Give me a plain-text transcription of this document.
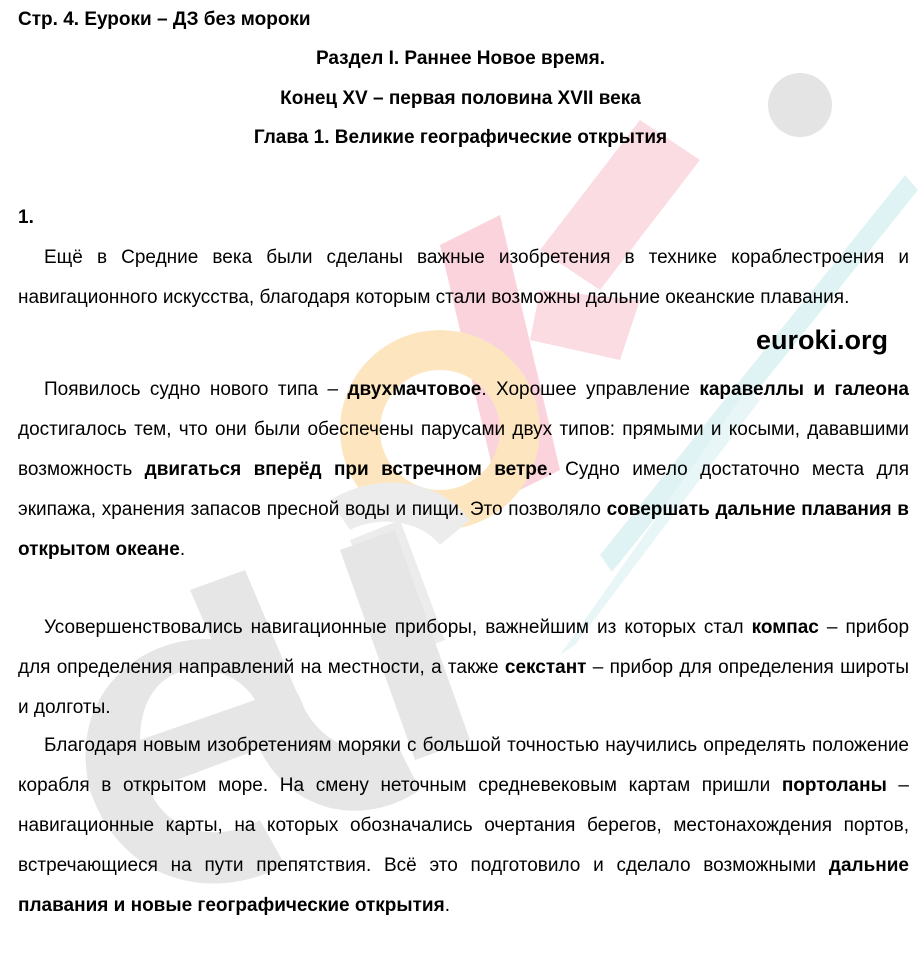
Стр. 4. Еуроки – ДЗ без мороки
Раздел I. Раннее Новое время.
Конец XV – первая половина XVII века
Глава 1. Великие географические открытия
1.

Ещё в Средние века были сделаны важные изобретения в технике кораблестроения и навигационного искусства, благодаря которым стали возможны дальние океанские плавания.

euroki.org

Появилось судно нового типа – двухмачтовое. Хорошее управление каравеллы и галеона достигалось тем, что они были обеспечены парусами двух типов: прямыми и косыми, дававшими возможность двигаться вперёд при встречном ветре. Судно имело достаточно места для экипажа, хранения запасов пресной воды и пищи. Это позволяло совершать дальние плавания в открытом океане.

Усовершенствовались навигационные приборы, важнейшим из которых стал компас – прибор для определения направлений на местности, а также секстант – прибор для определения широты и долготы.

Благодаря новым изобретениям моряки с большой точностью научились определять положение корабля в открытом море. На смену неточным средневековым картам пришли портоланы – навигационные карты, на которых обозначались очертания берегов, местонахождения портов, встречающиеся на пути препятствия. Всё это подготовило и сделало возможными дальние плавания и новые географические открытия.
